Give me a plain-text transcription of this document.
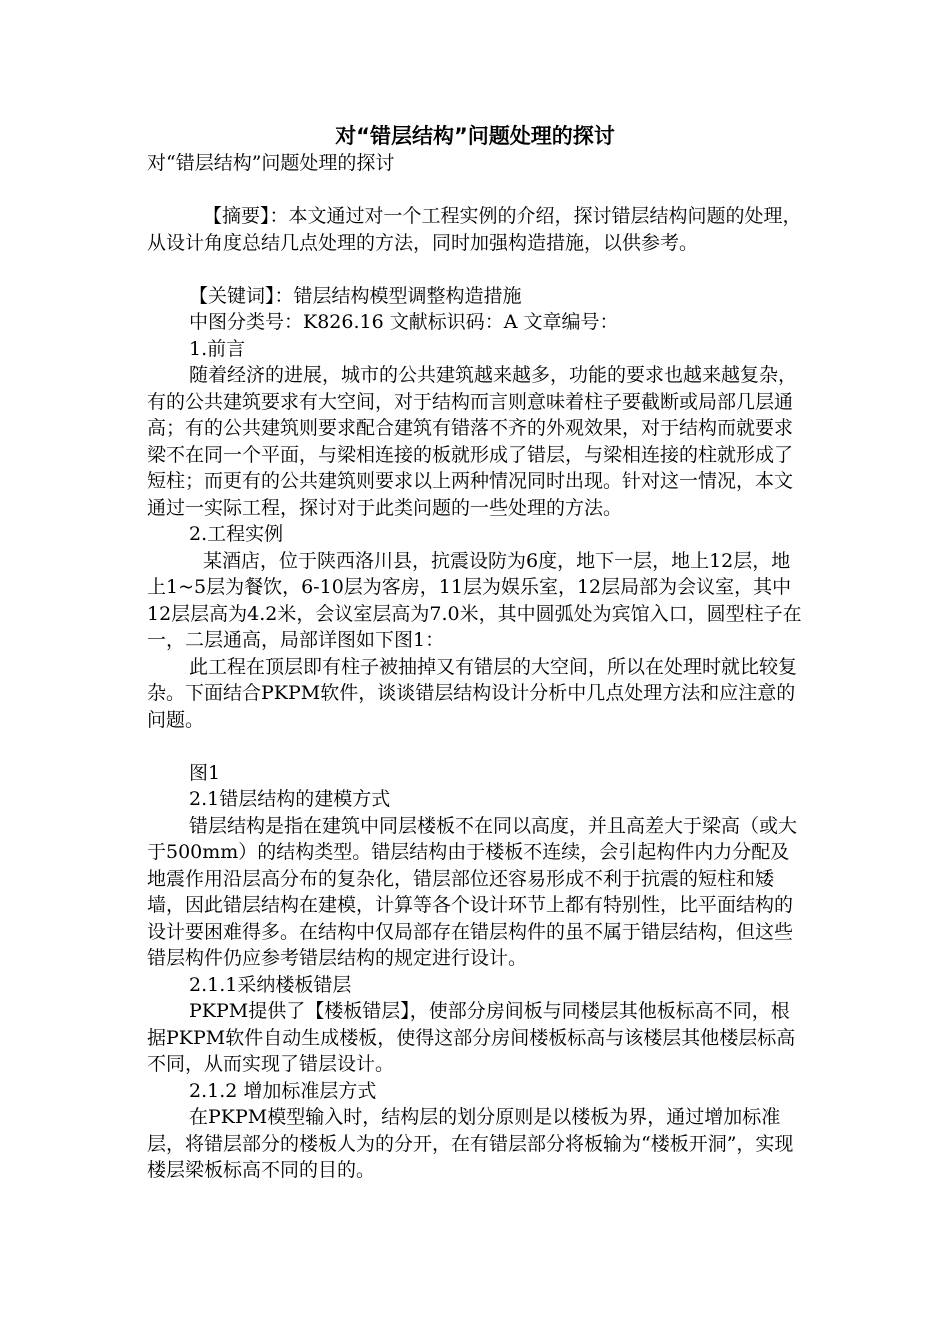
对“错层结构”问题处理的探讨

对“错层结构”问题处理的探讨

【摘要】：本文通过对一个工程实例的介绍，探讨错层结构问题的处理，从设计角度总结几点处理的方法，同时加强构造措施，以供参考。

【关键词】：错层结构模型调整构造措施

中图分类号：K826.16 文献标识码：A 文章编号：

1.前言

随着经济的进展，城市的公共建筑越来越多，功能的要求也越来越复杂，有的公共建筑要求有大空间，对于结构而言则意味着柱子要截断或局部几层通高；有的公共建筑则要求配合建筑有错落不齐的外观效果，对于结构而就要求梁不在同一个平面，与梁相连接的板就形成了错层，与梁相连接的柱就形成了短柱；而更有的公共建筑则要求以上两种情况同时出现。针对这一情况，本文通过一实际工程，探讨对于此类问题的一些处理的方法。

2.工程实例

某酒店，位于陕西洛川县，抗震设防为6度，地下一层，地上12层，地上1~5层为餐饮，6-10层为客房，11层为娱乐室，12层局部为会议室，其中12层层高为4.2米，会议室层高为7.0米，其中圆弧处为宾馆入口，圆型柱子在一，二层通高，局部详图如下图1：

此工程在顶层即有柱子被抽掉又有错层的大空间，所以在处理时就比较复杂。下面结合PKPM软件，谈谈错层结构设计分析中几点处理方法和应注意的问题。

图1

2.1错层结构的建模方式

错层结构是指在建筑中同层楼板不在同以高度，并且高差大于梁高（或大于500mm）的结构类型。错层结构由于楼板不连续，会引起构件内力分配及地震作用沿层高分布的复杂化，错层部位还容易形成不利于抗震的短柱和矮墙，因此错层结构在建模，计算等各个设计环节上都有特别性，比平面结构的设计要困难得多。在结构中仅局部存在错层构件的虽不属于错层结构，但这些错层构件仍应参考错层结构的规定进行设计。

2.1.1采纳楼板错层

PKPM提供了【楼板错层】，使部分房间板与同楼层其他板标高不同，根据PKPM软件自动生成楼板，使得这部分房间楼板标高与该楼层其他楼层标高不同，从而实现了错层设计。

2.1.2 增加标准层方式

在PKPM模型输入时，结构层的划分原则是以楼板为界，通过增加标准层，将错层部分的楼板人为的分开，在有错层部分将板输为“楼板开洞”，实现楼层梁板标高不同的目的。
